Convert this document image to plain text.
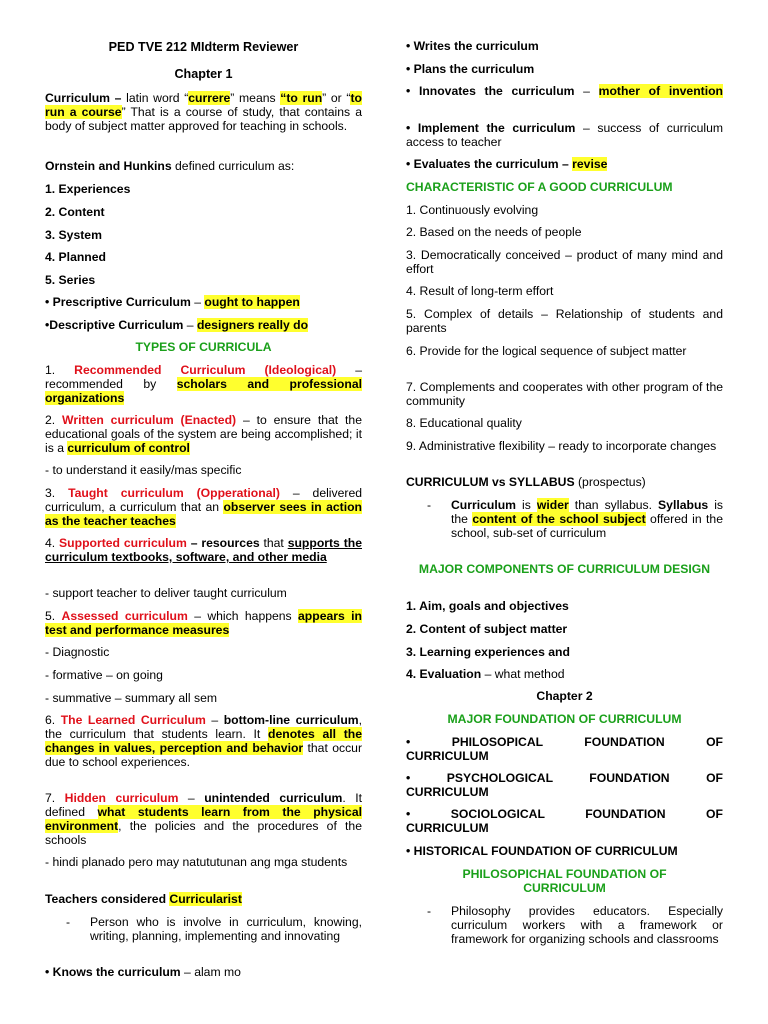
PED TVE 212 MIdterm Reviewer

Chapter 1

Curriculum – latin word “currere” means “to run” or “to run a course” That is a course of study, that contains a body of subject matter approved for teaching in schools.

Ornstein and Hunkins defined curriculum as:

1. Experiences

2. Content

3. System

4. Planned

5. Series

• Prescriptive Curriculum – ought to happen

•Descriptive Curriculum – designers really do

TYPES OF CURRICULA

1. Recommended Curriculum (Ideological) – recommended by scholars and professional organizations

2. Written curriculum (Enacted) – to ensure that the educational goals of the system are being accomplished; it is a curriculum of control

- to understand it easily/mas specific

3. Taught curriculum (Opperational) – delivered curriculum, a curriculum that an observer sees in action as the teacher teaches

4. Supported curriculum – resources that supports the curriculum textbooks, software, and other media

- support teacher to deliver taught curriculum

5. Assessed curriculum – which happens appears in test and performance measures

- Diagnostic

- formative – on going

- summative – summary all sem

6. The Learned Curriculum – bottom-line curriculum, the curriculum that students learn. It denotes all the changes in values, perception and behavior that occur due to school experiences.

7. Hidden curriculum – unintended curriculum. It defined what students learn from the physical environment, the policies and the procedures of the schools

- hindi planado pero may natututunan ang mga students

Teachers considered Curricularist

-	Person who is involve in curriculum, knowing, writing, planning, implementing and innovating

• Knows the curriculum – alam mo

• Writes the curriculum

• Plans the curriculum

• Innovates the curriculum – mother of invention

• Implement the curriculum – success of curriculum access to teacher

• Evaluates the curriculum – revise

CHARACTERISTIC OF A GOOD CURRICULUM

1. Continuously evolving

2. Based on the needs of people

3. Democratically conceived – product of many mind and effort

4. Result of long-term effort

5. Complex of details – Relationship of students and parents

6. Provide for the logical sequence of subject matter

7. Complements and cooperates with other program of the community

8. Educational quality

9. Administrative flexibility – ready to incorporate changes

CURRICULUM vs SYLLABUS (prospectus)

-	Curriculum is wider than syllabus. Syllabus is the content of the school subject offered in the school, sub-set of curriculum

MAJOR COMPONENTS OF CURRICULUM DESIGN

1. Aim, goals and objectives

2. Content of subject matter

3. Learning experiences and

4. Evaluation – what method

Chapter 2

MAJOR FOUNDATION OF CURRICULUM

• PHILOSOPICAL FOUNDATION OF
CURRICULUM
• PSYCHOLOGICAL FOUNDATION OF
CURRICULUM
• SOCIOLOGICAL FOUNDATION OF
CURRICULUM

• HISTORICAL FOUNDATION OF CURRICULUM

PHILOSOPICHAL FOUNDATION OF CURRICULUM

-	Philosophy provides educators. Especially curriculum workers with a framework or framework for organizing schools and classrooms
